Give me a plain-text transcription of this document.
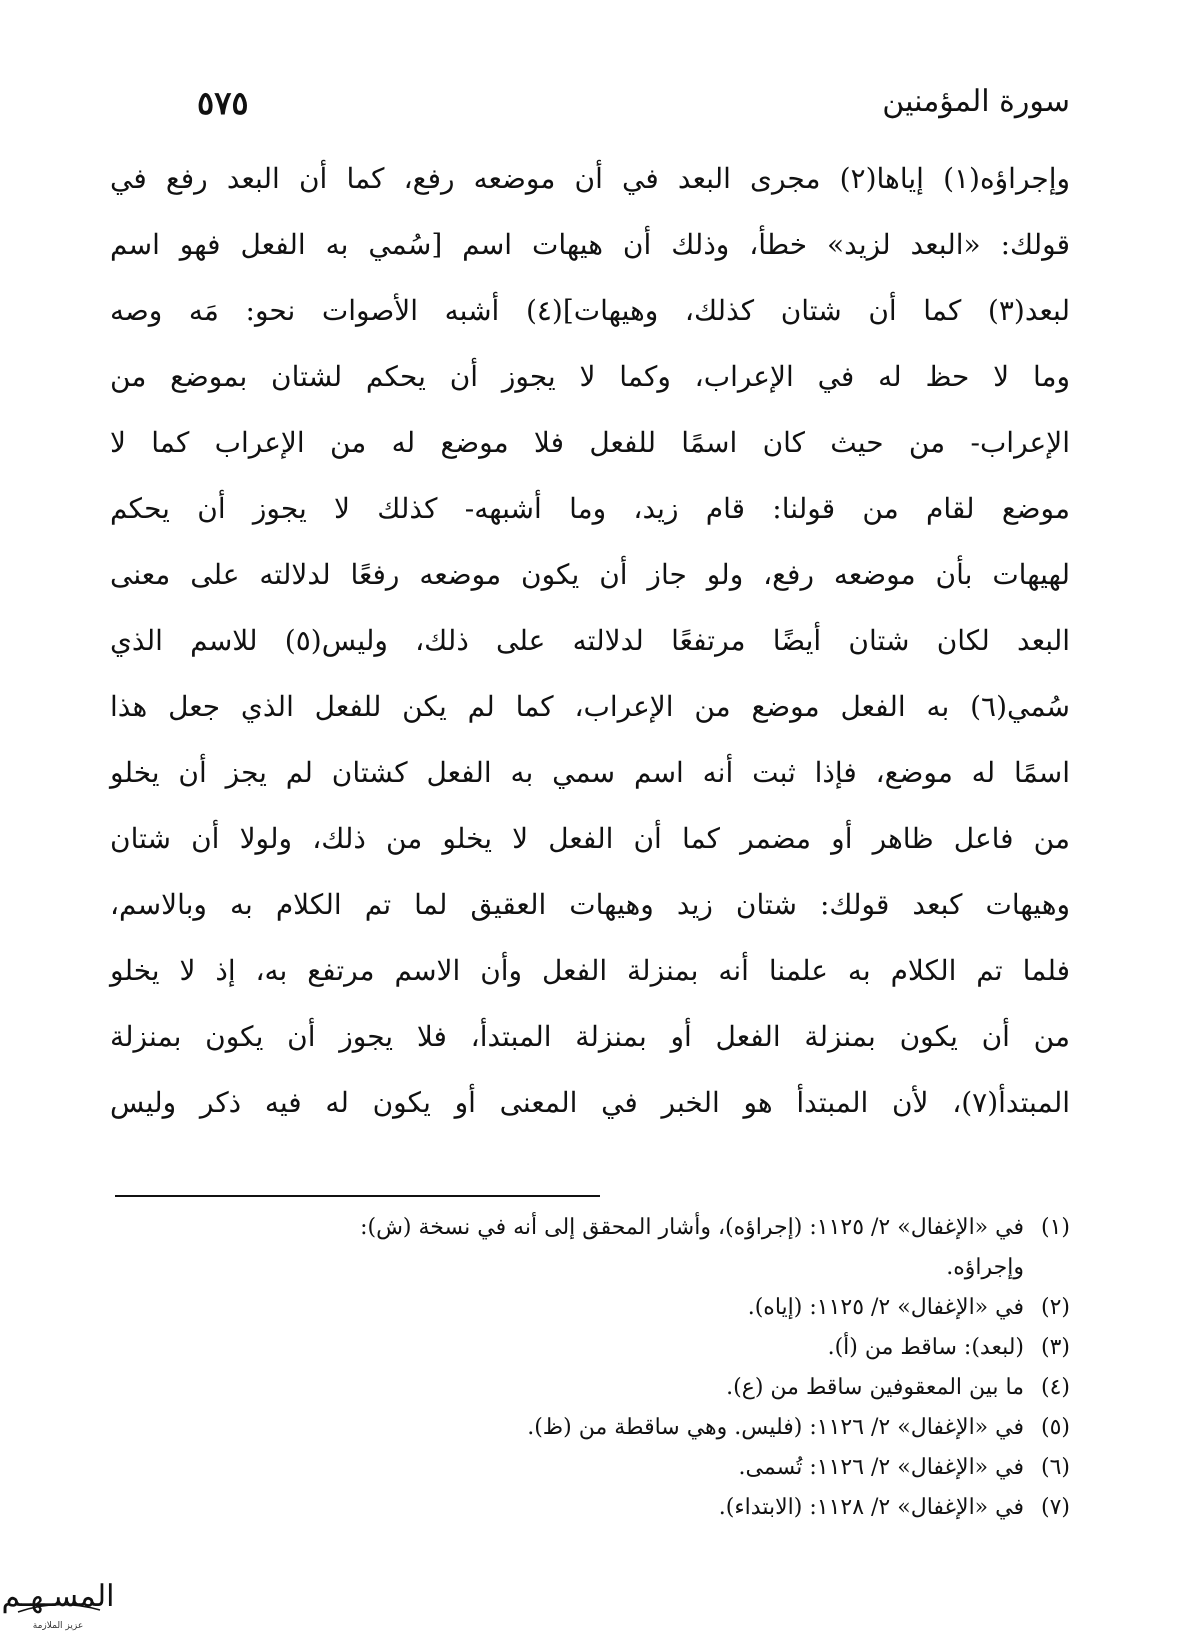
سورة المؤمنين
٥٧٥
وإجراؤه(١) إياها(٢) مجرى البعد في أن موضعه رفع، كما أن البعد رفع في
قولك: «البعد لزيد» خطأ، وذلك أن هيهات اسم [سُمي به الفعل فهو اسم
لبعد(٣) كما أن شتان كذلك، وهيهات](٤) أشبه الأصوات نحو: مَه وصه
وما لا حظ له في الإعراب، وكما لا يجوز أن يحكم لشتان بموضع من
الإعراب- من حيث كان اسمًا للفعل فلا موضع له من الإعراب كما لا
موضع لقام من قولنا: قام زيد، وما أشبهه- كذلك لا يجوز أن يحكم
لهيهات بأن موضعه رفع، ولو جاز أن يكون موضعه رفعًا لدلالته على معنى
البعد لكان شتان أيضًا مرتفعًا لدلالته على ذلك، وليس(٥) للاسم الذي
سُمي(٦) به الفعل موضع من الإعراب، كما لم يكن للفعل الذي جعل هذا
اسمًا له موضع، فإذا ثبت أنه اسم سمي به الفعل كشتان لم يجز أن يخلو
من فاعل ظاهر أو مضمر كما أن الفعل لا يخلو من ذلك، ولولا أن شتان
وهيهات كبعد قولك: شتان زيد وهيهات العقيق لما تم الكلام به وبالاسم،
فلما تم الكلام به علمنا أنه بمنزلة الفعل وأن الاسم مرتفع به، إذ لا يخلو
من أن يكون بمنزلة الفعل أو بمنزلة المبتدأ، فلا يجوز أن يكون بمنزلة
المبتدأ(٧)، لأن المبتدأ هو الخبر في المعنى أو يكون له فيه ذكر وليس
(١)
في «الإغفال» ٢/ ١١٢٥: (إجراؤه)، وأشار المحقق إلى أنه في نسخة (ش):
وإجراؤه.
(٢)
في «الإغفال» ٢/ ١١٢٥: (إياه).
(٣)
(لبعد): ساقط من (أ).
(٤)
ما بين المعقوفين ساقط من (ع).
(٥)
في «الإغفال» ٢/ ١١٢٦: (فليس. وهي ساقطة من (ظ).
(٦)
في «الإغفال» ٢/ ١١٢٦: تُسمى.
(٧)
في «الإغفال» ٢/ ١١٢٨: (الابتداء).
المسـهـم
عزيز الملازمة
